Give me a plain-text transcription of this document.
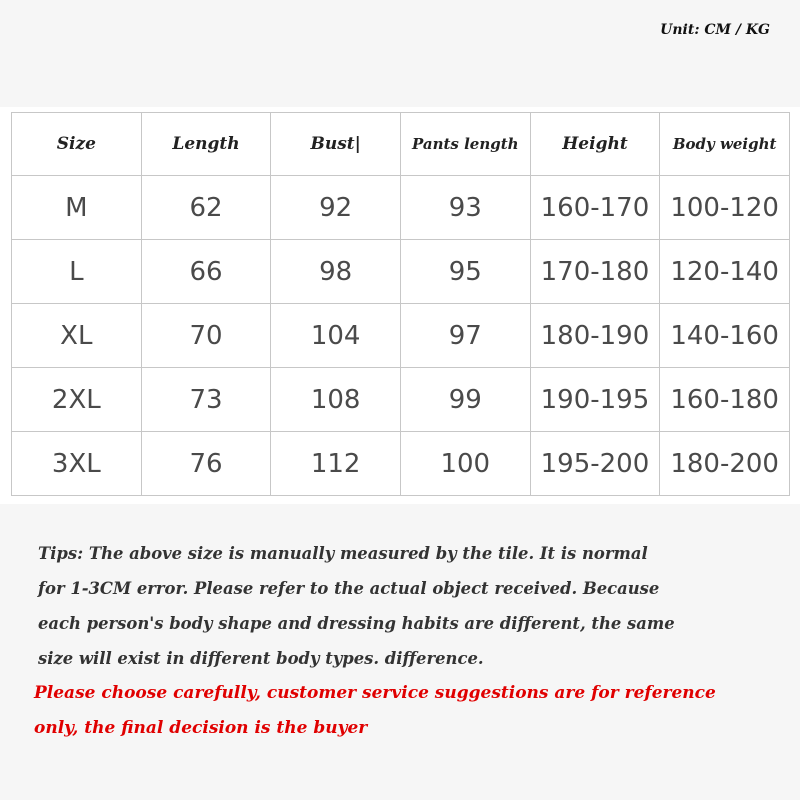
Unit: CM / KG
Size	Length	Bust|	Pants length	Height	Body weight
M	62	92	93	160-170	100-120
L	66	98	95	170-180	120-140
XL	70	104	97	180-190	140-160
2XL	73	108	99	190-195	160-180
3XL	76	112	100	195-200	180-200
Tips: The above size is manually measured by the tile. It is normal
for 1-3CM error. Please refer to the actual object received. Because
each person's body shape and dressing habits are different, the same
size will exist in different body types. difference.
Please choose carefully, customer service suggestions are for reference
only, the final decision is the buyer
